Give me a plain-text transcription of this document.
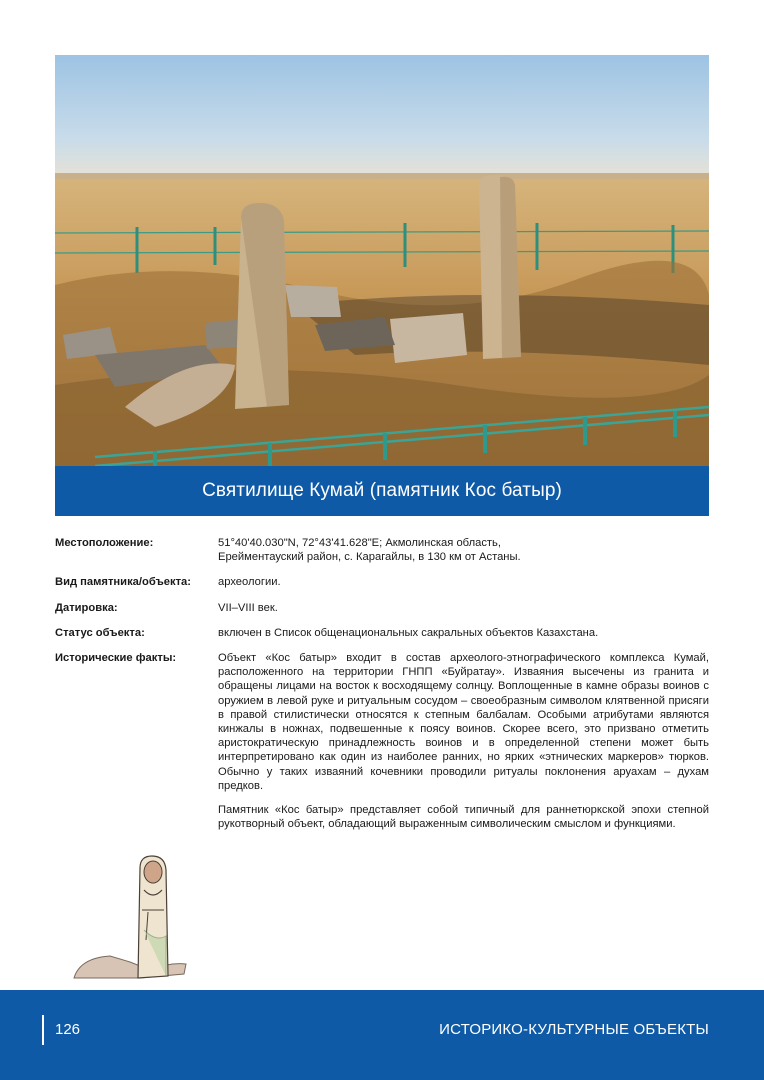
Святилище Кумай (памятник Кос батыр)
Местоположение:	51°40'40.030"N, 72°43'41.628"E; Акмолинская область,
Ерейментауский район, с. Карагайлы, в 130 км от Астаны.
Вид памятника/объекта:	археологии.
Датировка:	VII–VIII век.
Статус объекта:	включен в Список общенациональных сакральных объектов Казахстана.
Исторические факты:	Объект «Кос батыр» входит в состав археолого-этнографического комплекса Кумай, расположенного на территории ГНПП «Буйратау». Изваяния высечены из гранита и обращены лицами на восток к восходящему солнцу. Воплощенные в камне образы воинов с оружием в левой руке и ритуальным сосудом – своеобразным символом клятвенной присяги в правой стилистически относятся к степным балбалам. Особыми атрибутами являются кинжалы в ножнах, подвешенные к поясу воинов. Скорее всего, это призвано отметить аристократическую принадлежность воинов и в определенной степени может быть интерпретировано как один из наиболее ранних, но ярких «этнических маркеров» тюрков. Обычно у таких изваяний кочевники проводили ритуалы поклонения аруахам – духам предков.

Памятник «Кос батыр» представляет собой типичный для раннетюркской эпохи степной рукотворный объект, обладающий выраженным символическим смыслом и функциями.

126	ИСТОРИКО-КУЛЬТУРНЫЕ ОБЪЕКТЫ
